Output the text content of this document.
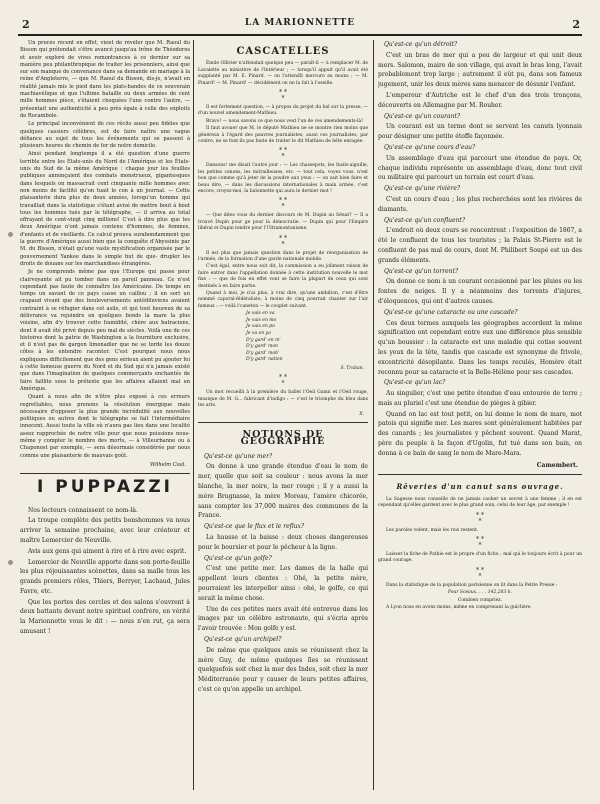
2	LA MARIONNETTE	2

Un procès récent en effet, vient de révéler que M. Raoul du Bisson qui prétendait s'être avancé jusqu'au trône de Théodoros et avoir exploré de vives remontrances à ce dernier sur sa manière peu philanthropique de traiter les prisonniers, ainsi que sur son manque de convenance dans sa demande en mariage à la reine d'Angleterre, — que M. Raoul du Bisson, dis-je, n'avait en réalité jamais mis le pied dans les plats-bandes de ce souverain machiavélique et que l'ultime bataille ou deux armées de cent mille hommes pièce, s'étaient choquées l'une contre l'autre, — présentait une authenticité à peu près égale à celle des exploits de Rocambole.

Le principal inconvénient de ces récits aussi peu fidèles que quelques cassiers célèbres, est de faire naître une vague défiance au sujet de tous les événements qui se passent à plusieurs heures de chemin de fer de notre domicile.

Ainsi pendant longtemps il a été question d'une guerre terrible entre les États-unis du Nord de l'Amérique et les États-unis du Sud de la même Amérique : chaque jour les feuilles publiques annonçaient des combats monstrueux, gigantesques dans lesquels on massacrait cent cinquante mille hommes avec non moins de facilité qu'on tuait le con à un journal. — Cette plaisanterie dura plus de deux années, lorsqu'un homme qui travaillait dans la statistique s'étant avisé de mettre bout à bout tous les hommes tués par le télégraphe, — il arriva au total effrayant de cent-vingt cinq millions! C'est à dire plus que les deux Amérique n'ont jamais contenu d'hommes, de femmes, d'enfants et de vieillards. Ce calcul prouva surabondamment que la guerre d'Amérique aussi bien que la conquête d'Abyssinie par M. du Bisson, n'était qu'une vaste mystification organisée par le gouvernement Yankee dans le simple but de que- drupler les droits de douane sur les marchandises étrangères.

Je ne comprends même pas que l'Europe qui passe pour clairvoyante ait pu tomber dans un pareil panneau. Ce n'est cependant pas faute de connaître les Américains. De temps en temps un savant de ce pays casse un caillou ; il en sort un crapaud vivant que des bouleversements antédiluviens avaient contraint à se réfugier dans cet asile, et qui tout heureux de sa délivrance va rejoindre en quelques bonds la mare la plus voisine, afin d'y trouver cette humidité, chère aux batraciens, dont il avait été privé depuis peu mal de siècles. Voilà une de ces histoires dont la patrie de Washington a la fourniture exclusive, et il n'est pas de gargon limonadier que ne se torde les douze côtes à les entendre raconter. C'est pourquoi nous nous expliquons difficilement que des gens sérieux aient pu ajouter foi à cette fameuse guerre du Nord et du Sud qui n'a jamais existé que dans l'imagination de quelques commerçants enchantés de faire faillite sous le prétexte que les affaires allaient mal en Amérique.

Quant à nous afin de n'être plus exposé à ces erreurs regrettables, nous prenons la résolution énergique mais nécessaire d'opposer la plus grande incrédulité aux nouvelles politiques ou autres dont le télégraphe se fait l'intermédiaire innocent. Aussi toute la ville où n'aura pas lieu dans une localité assez rapprochée de notre ville pour que nous puissions nous-même y compter le nombre des morts, — à Villeurbanne ou à Chaponost par exemple, — sera désormais considérée par nous comme une plaisanterie de mauvais goût.

Wilhelm Coal.

I PUPPAZZI

Nos lecteurs connaissent ce nom-là.

La troupe complète des petits bonshommes va nous arriver la semaine prochaine, avec leur créateur et maître Lemercier de Neuville.

Avis aux gens qui aiment à rire et à rire avec esprit.

Lemercier de Neuville apporte dans son porte-feuille les plus réjouissantes scènettes, dans sa malle tous les grands premiers rôles, Thiers, Berryer, Lachaud, Jules Favre, etc.

Que les portes des cercles et des salons s'ouvrent à deux battants devant notre spirituel confrère, en vérité la Marionnette vous le dit : — nous n'en rut, ça sera amusant !

CASCATELLES

Émile Ollivier n'attendait quelque peu — paraît-il — à remplacer M. de Lavalette au ministère de l'Intérieur ; — lorsqu'il appuit qu'il avait été supplanté par M. E. Pinard. — on l'attendît mercure au moins ; — M. Pinard! — M. Pinard! — décidément on ne la fait à l'oseille.

* *
*

Il est fortement question, — à propos du projet du bal sur la presse, — d'un nouvel amendement-Mathieu.

Bravo! — nous savons ce que nous veut l'un de ces amendements-là!

Il faut avouer que M. le député Mathieu ne se montre rien moins que généreux à l'égard des pauvres journalistes; aussi ces journalistes, par contre, ne se font-ils pas faute de traiter le dit Mathieu de bête enragée.

* *
*

Dansons! me disait l'autre jour : — Les chassepots, les fusils-aiguille, les petites canons, les mitrailleuses, etc. — tout cela, voyez vous, n'est bon que comme qu'à jeter de la poudre aux yeux : — on sait bien faire et beau dire, — dans les discussions internationales à main armée, c'est encore, croyez-moi, la baïonnette qui aura le dernier mot !

* *
*

— Que dites vous du dernier discours de M. Dupin au Sénat? — Il a trouvé Dupin pour ge pour la démocratie. — Dupin qui pour l'Empire libéral et Dupin tendre pour l'Ultramontanisme.

* *
*

Il est plus que jamais question dans le projet de réorganisation de l'armée, de la formation d'une garde nationale mobile.

C'est égal, entre nous soit dit, la commission a eu joliment raison de faire entrer dans l'appellation donnée à cette institution nouvelle le mot fixe : — que de fois en effet vont se faire la plupart de ceux qui sont destinés à en faire partie.

Quand à moi, je n'ai plus, à vrai dire, qu'une ambition, c'est d'être nommé caporal-fédéraliste, à moins de cinq pourrait chanter sur l'air fameux : — voilà l'caneton — le couplet suivant.

Je vais en va
Je vais en mo
Je vais en po
Je va en ya
D'y gard' en m'
D'y gard' mon
D'y gard' mob'
D'y gard' nation

S. Traban.

* *
*

Un mot recueilli à la première du ballet l'Oeil Gamn et l'Oeil rouge, musique de M. G... fabricant d'indigo : — c'est le triomphe du bleu dans les arts.

X.

NOTIONS DE GÉOGRAPHIE

Qu'est-ce qu'une mer?

On donne à une grande étendue d'eau le nom de mer, quelle que soit sa couleur : nous avons la mer blanche, la mer noire, la mer rouge ; il y a aussi la mère Brugnasse, la mère Moreau, l'amère chicorée, sans compter les 37,000 maires des communes de la France.

Qu'est-ce que le flux et le reflux?

La hausse et la baisse : deux choses dangereuses pour le boursier et pour le pêcheur à la ligne.

Qu'est-ce qu'un golfe?

C'est une petite mer. Les dames de la halle qui appellent leurs clientes : Ohé, la petite mère, pourraient les interpeller ainsi : ohé, le golfe, ce qui serait la même chose.

Une de ces petites mers avait été entrevue dans les images par un célèbre astronaute, qui s'écria après l'avoir trouvée : Mon golfe y est.

Qu'est-ce qu'un archipel?

De même que quelques amis se réunissent chez la mère Guy, de même quelques îles se réunissent quelquefois soit chez la mer des Indes, soit chez la mer Méditerranée pour y causer de leurs petites affaires, c'est ce qu'on appelle un archipel.

Qu'est-ce qu'un détroit?

C'est un bras de mer qui a peu de largeur et qui unit deux mers. Salomon, maire de son village, qui avait le bras long, l'avait probablement trop large ; autrement il eût pu, dans son fameux jugement, unir les deux mères sans menacer de désunir l'enfant.

L'empereur d'Autriche est le chef d'un des trois tronçons, découverts en Allemagne par M. Rouher.

Qu'est-ce qu'un courant?

Un courant est un terme dont se servent les canuts lyonnais pour désigner une petite étoffe façonnée.

Qu'est-ce qu'une cours d'eau?

Un assemblage d'eau qui parcourt une étendue de pays. Or, chaque individu représente un assemblage d'eau, donc tout civil ou militaire qui parcourt un terrain est court d'eau.

Qu'est-ce qu'une rivière?

C'est un cours d'eau ; les plus recherchées sont les rivières de diamants.

Qu'est-ce qu'un confluent?

L'endroit où deux cours se rencontrent : l'exposition de 1867, a été le confluent de tous les touristes ; la Palais St-Pierre est le confluent de pas mal de cours, dont M. Philibert Soupé est un des grands éléments.

Qu'est-ce qu'un torrent?

On donne ce nom à un courant occasionné par les pluies ou les fontes de neiges. Il y a néanmoins des torrents d'injures, d'éloquences, qui ont d'autres causes.

Qu'est-ce qu'une cataracte ou une cascade?

Ces deux termes auxquels les géographes accordent la même signification ont cependant entre eux une différence plus sensible qu'un boussier : la cataracte est une maladie qui cotise souvent les yeux de la tête, tandis que cascade est synonyme de frivole, excentricité désopilante. Dans les temps reculés, Homère était reconnu pour sa cataracte et la Belle-Hélène pour ses cascades.

Qu'est-ce qu'un lac?

Au singulier, c'est une petite étendue d'eau entourée de terre ; mais au pluriel c'est une étendue de pièges à gibier.

Quand on lac est tout petit, on lui donne le nom de mare, mot patois qui signifie mer. Les mares sont généralement habitées par des canards ; les journalistes y pêchent souvent. Quand Marat, père du peuple à la façon d'Ugolin, fut tué dans son bain, on donna à ce bain de sang le nom de Mare-Mara.

Camembert.

Rêveries d'un canut sans ouvrage.

La Sagesse nous conseille de ne jamais caoher un secret à une femme ; il en est cependant qu'elles gardent avec le plus grand soin, celui de leur âge, par exemple !

* *
*

Les paroles volent, mais les rois restent.

* *
*

Laisser la fiche de Pathie est le propre d'un fichu ; mal qui le toujours écrit à pour un grand courage.

* *
*

Dans la statistique de la population parisienne on lit dans la Petite Presse :

Pour Sceaux. . . . 142,283 h.

Combien compriez.

A Lyon nous en avons moins, même en comprenant la guichère.
